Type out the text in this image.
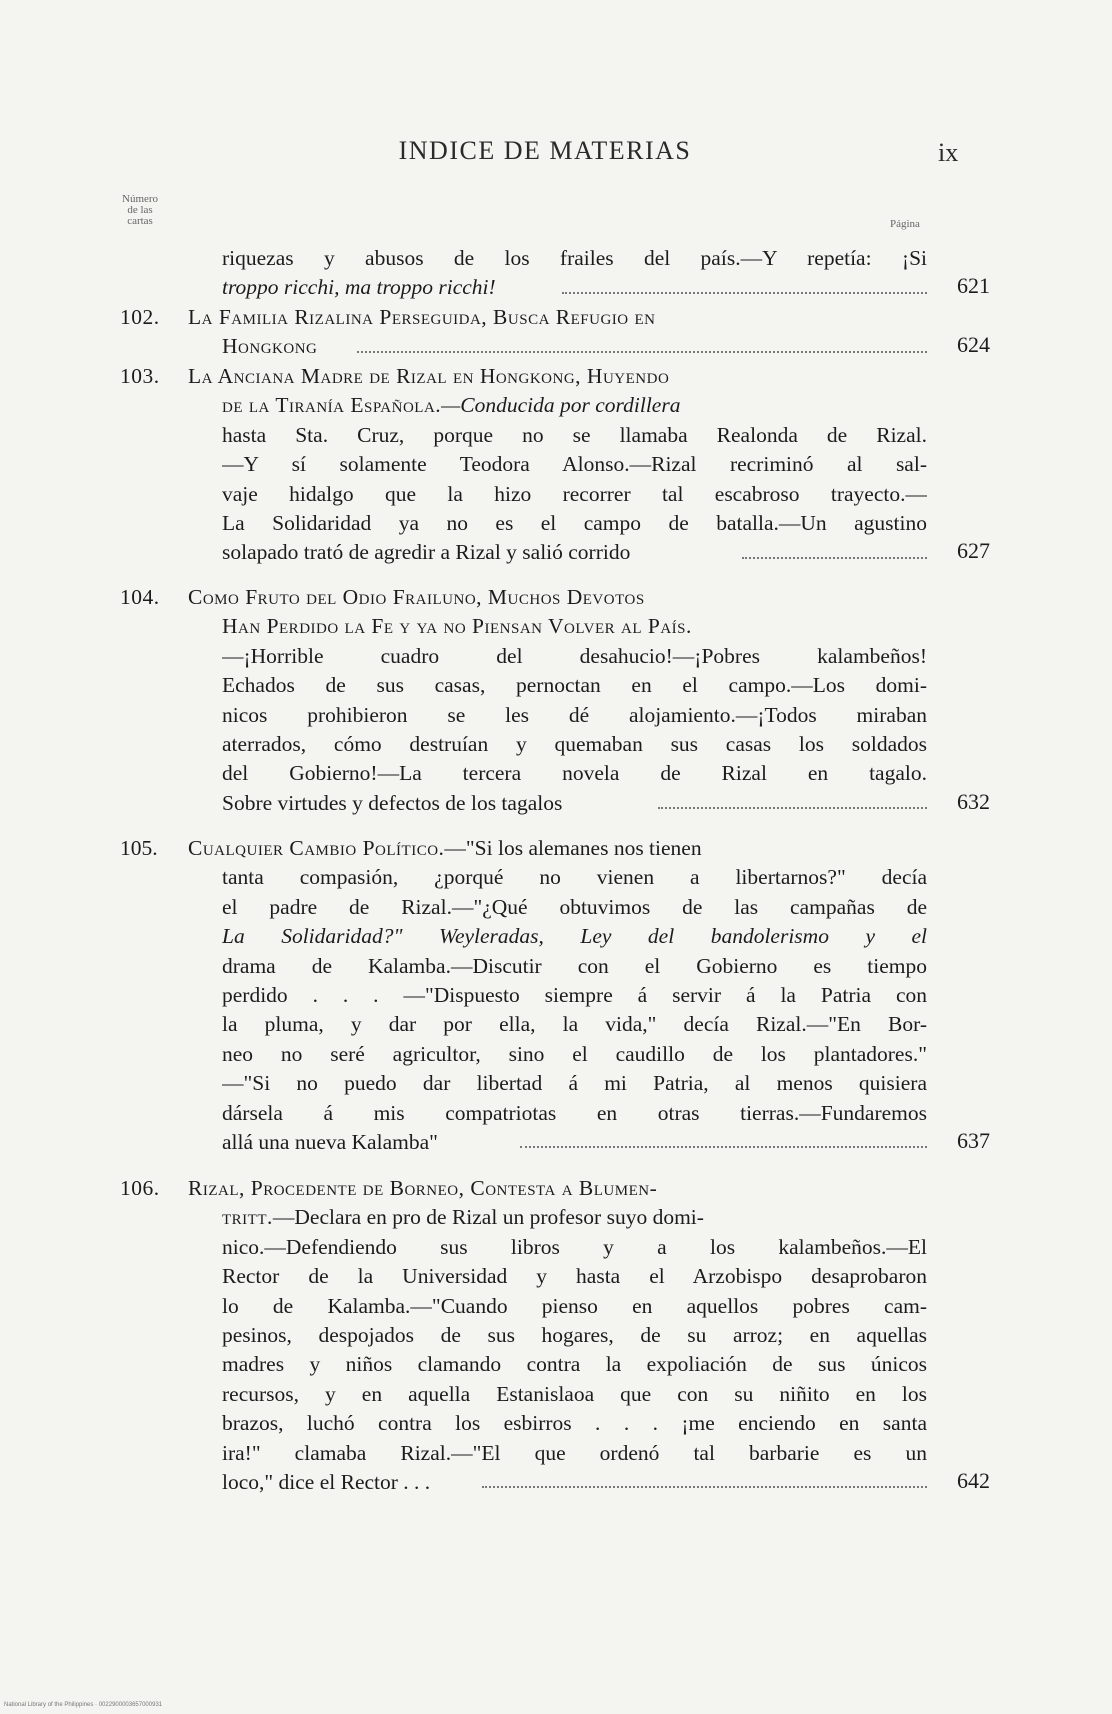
INDICE DE MATERIAS	ix
Número
de las
cartas	Página
riquezas y abusos de los frailes del país.—Y repetía: ¡Si
troppo ricchi, ma troppo ricchi!	621
102. La Familia Rizalina Perseguida, Busca Refugio en
Hongkong	624
103. La Anciana Madre de Rizal en Hongkong, Huyendo
de la Tiranía Española.—Conducida por cordillera
hasta Sta. Cruz, porque no se llamaba Realonda de Rizal.
—Y sí solamente Teodora Alonso.—Rizal recriminó al sal-
vaje hidalgo que la hizo recorrer tal escabroso trayecto.—
La Solidaridad ya no es el campo de batalla.—Un agustino
solapado trató de agredir a Rizal y salió corrido	627
104. Como Fruto del Odio Frailuno, Muchos Devotos
Han Perdido la Fe y ya no Piensan Volver al País.
—¡Horrible cuadro del desahucio!—¡Pobres kalambeños!
Echados de sus casas, pernoctan en el campo.—Los domi-
nicos prohibieron se les dé alojamiento.—¡Todos miraban
aterrados, cómo destruían y quemaban sus casas los soldados
del Gobierno!—La tercera novela de Rizal en tagalo.
Sobre virtudes y defectos de los tagalos	632
105. Cualquier Cambio Político.—"Si los alemanes nos tienen
tanta compasión, ¿porqué no vienen a libertarnos?" decía
el padre de Rizal.—"¿Qué obtuvimos de las campañas de
La Solidaridad?" Weyleradas, Ley del bandolerismo y el
drama de Kalamba.—Discutir con el Gobierno es tiempo
perdido . . . —"Dispuesto siempre á servir á la Patria con
la pluma, y dar por ella, la vida," decía Rizal.—"En Bor-
neo no seré agricultor, sino el caudillo de los plantadores."
—"Si no puedo dar libertad á mi Patria, al menos quisiera
dársela á mis compatriotas en otras tierras.—Fundaremos
allá una nueva Kalamba"	637
106. Rizal, Procedente de Borneo, Contesta a Blumen-
tritt.—Declara en pro de Rizal un profesor suyo domi-
nico.—Defendiendo sus libros y a los kalambeños.—El
Rector de la Universidad y hasta el Arzobispo desaprobaron
lo de Kalamba.—"Cuando pienso en aquellos pobres cam-
pesinos, despojados de sus hogares, de su arroz; en aquellas
madres y niños clamando contra la expoliación de sus únicos
recursos, y en aquella Estanislaoa que con su niñito en los
brazos, luchó contra los esbirros . . . ¡me enciendo en santa
ira!" clamaba Rizal.—"El que ordenó tal barbarie es un
loco," dice el Rector . . .	642
National Library of the Philippines · 0022900003657000931
